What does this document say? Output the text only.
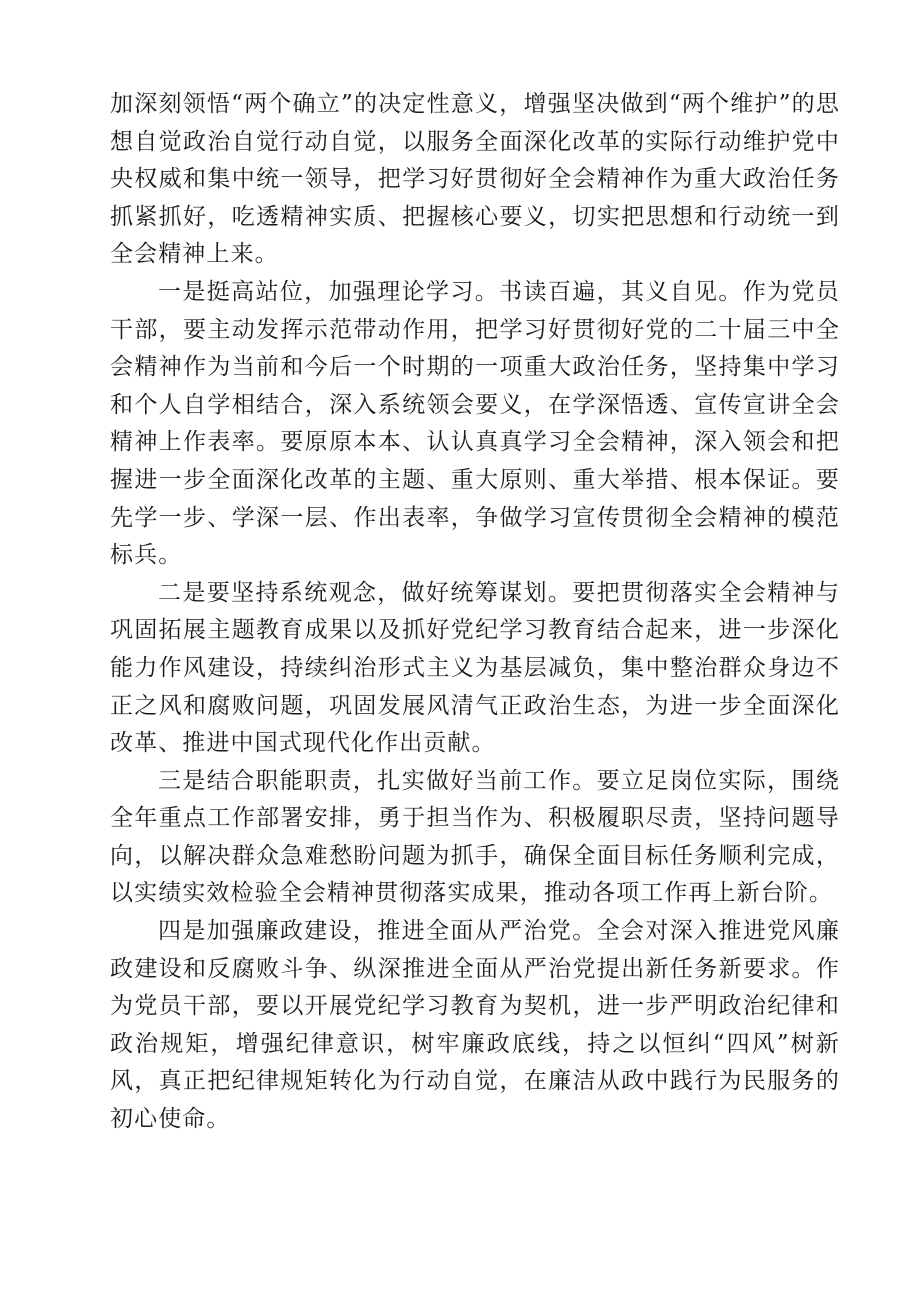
加深刻领悟“两个确立”的决定性意义，增强坚决做到“两个维护”的思想自觉政治自觉行动自觉，以服务全面深化改革的实际行动维护党中央权威和集中统一领导，把学习好贯彻好全会精神作为重大政治任务抓紧抓好，吃透精神实质、把握核心要义，切实把思想和行动统一到全会精神上来。

一是挺高站位，加强理论学习。书读百遍，其义自见。作为党员干部，要主动发挥示范带动作用，把学习好贯彻好党的二十届三中全会精神作为当前和今后一个时期的一项重大政治任务，坚持集中学习和个人自学相结合，深入系统领会要义，在学深悟透、宣传宣讲全会精神上作表率。要原原本本、认认真真学习全会精神，深入领会和把握进一步全面深化改革的主题、重大原则、重大举措、根本保证。要先学一步、学深一层、作出表率，争做学习宣传贯彻全会精神的模范标兵。

二是要坚持系统观念，做好统筹谋划。要把贯彻落实全会精神与巩固拓展主题教育成果以及抓好党纪学习教育结合起来，进一步深化能力作风建设，持续纠治形式主义为基层减负，集中整治群众身边不正之风和腐败问题，巩固发展风清气正政治生态，为进一步全面深化改革、推进中国式现代化作出贡献。

三是结合职能职责，扎实做好当前工作。要立足岗位实际，围绕全年重点工作部署安排，勇于担当作为、积极履职尽责，坚持问题导向，以解决群众急难愁盼问题为抓手，确保全面目标任务顺利完成，以实绩实效检验全会精神贯彻落实成果，推动各项工作再上新台阶。

四是加强廉政建设，推进全面从严治党。全会对深入推进党风廉政建设和反腐败斗争、纵深推进全面从严治党提出新任务新要求。作为党员干部，要以开展党纪学习教育为契机，进一步严明政治纪律和政治规矩，增强纪律意识，树牢廉政底线，持之以恒纠“四风”树新风，真正把纪律规矩转化为行动自觉，在廉洁从政中践行为民服务的初心使命。
